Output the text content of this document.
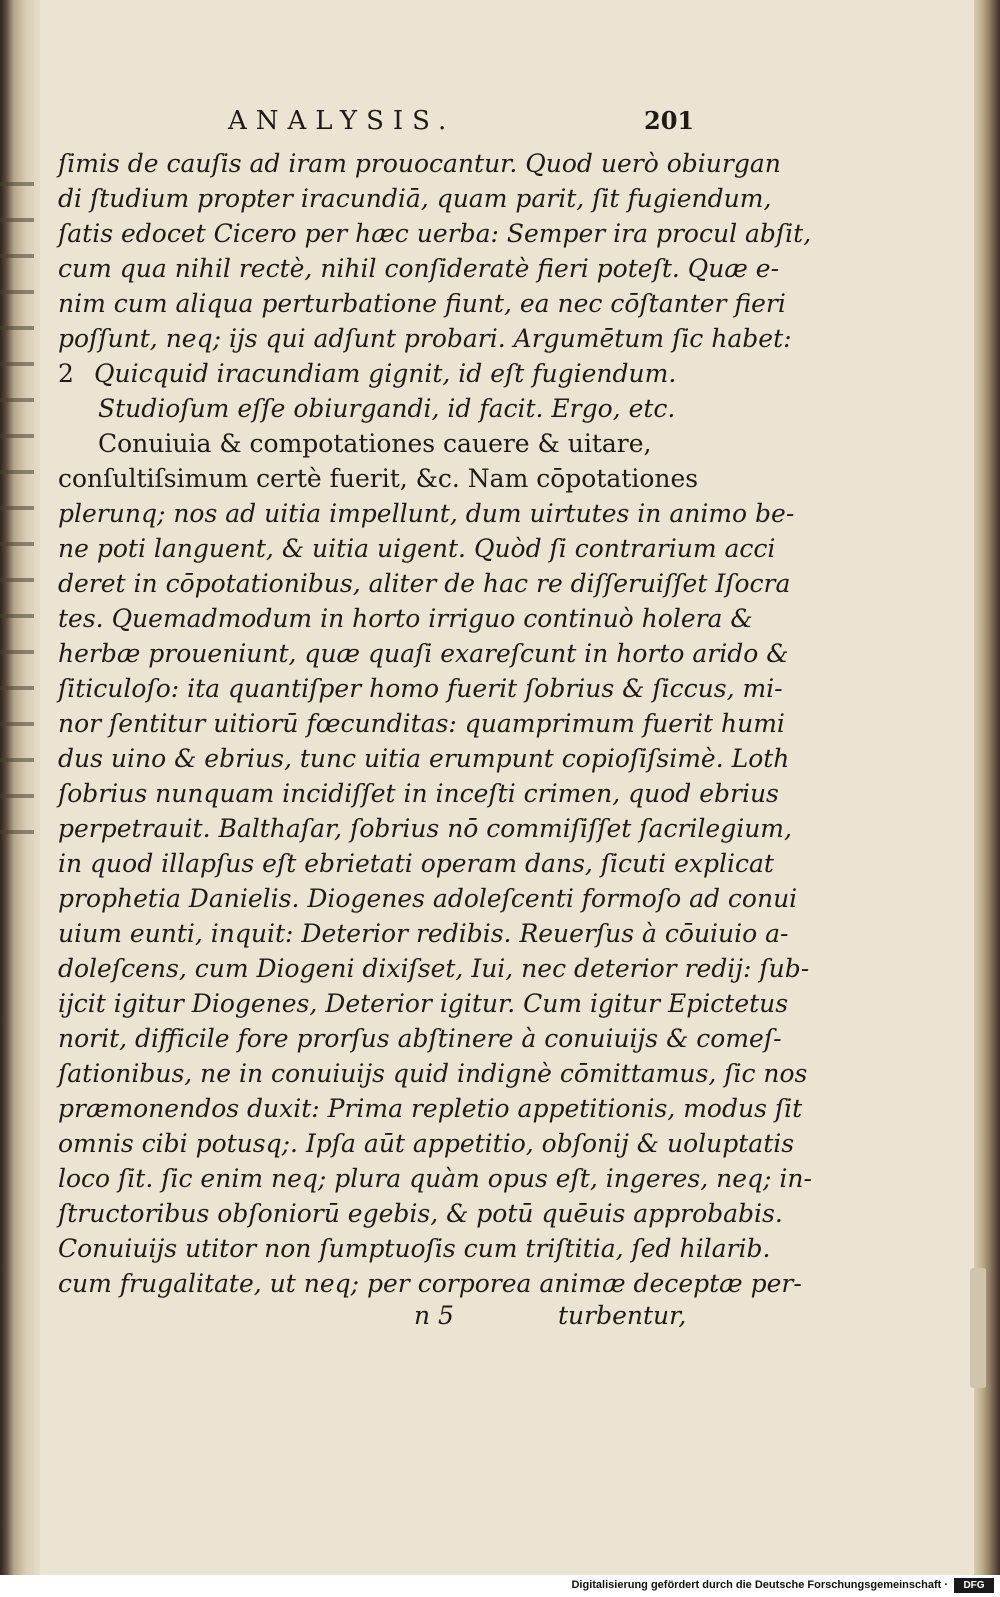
ANALYSIS.	201
ſimis de cauſis ad iram prouocantur. Quod uerò obiurgan
di ſtudium propter iracundiā, quam parit, ſit fugiendum,
ſatis edocet Cicero per hæc uerba: Semper ira procul abſit,
cum qua nihil rectè, nihil conſideratè fieri poteſt. Quæ e-
nim cum aliqua perturbatione fiunt, ea nec cōſtanter fieri
poſſunt, neq; ijs qui adſunt probari. Argumētum ſic habet:
2 Quicquid iracundiam gignit, id eſt fugiendum.
Studioſum eſſe obiurgandi, id facit. Ergo, etc.
Conuiuia & compotationes cauere & uitare,
conſultiſsimum certè fuerit, &c. Nam cōpotationes
plerunq; nos ad uitia impellunt, dum uirtutes in animo be-
ne poti languent, & uitia uigent. Quòd ſi contrarium acci
deret in cōpotationibus, aliter de hac re diſſeruiſſet Iſocra
tes. Quemadmodum in horto irriguo continuò holera &
herbæ proueniunt, quæ quaſi exareſcunt in horto arido &
ſiticuloſo: ita quantiſper homo fuerit ſobrius & ſiccus, mi-
nor ſentitur uitiorū fœcunditas: quamprimum fuerit humi
dus uino & ebrius, tunc uitia erumpunt copioſiſsimè. Loth
ſobrius nunquam incidiſſet in inceſti crimen, quod ebrius
perpetrauit. Balthaſar, ſobrius nō commiſiſſet ſacrilegium,
in quod illapſus eſt ebrietati operam dans, ſicuti explicat
prophetia Danielis. Diogenes adoleſcenti formoſo ad conui
uium eunti, inquit: Deterior redibis. Reuerſus à cōuiuio a-
doleſcens, cum Diogeni dixiſset, Iui, nec deterior redij: ſub-
ijcit igitur Diogenes, Deterior igitur. Cum igitur Epictetus
norit, difficile fore prorſus abſtinere à conuiuijs & comeſ-
ſationibus, ne in conuiuijs quid indignè cōmittamus, ſic nos
præmonendos duxit: Prima repletio appetitionis, modus ſit
omnis cibi potusq;. Ipſa aūt appetitio, obſonij & uoluptatis
loco ſit. ſic enim neq; plura quàm opus eſt, ingeres, neq; in-
ſtructoribus obſoniorū egebis, & potū quēuis approbabis.
Conuiuijs utitor non ſumptuoſis cum triſtitia, ſed hilarib.
cum frugalitate, ut neq; per corporea animæ deceptæ per-
n 5	turbentur,
Digitalisierung gefördert durch die Deutsche Forschungsgemeinschaft ·	DFG
